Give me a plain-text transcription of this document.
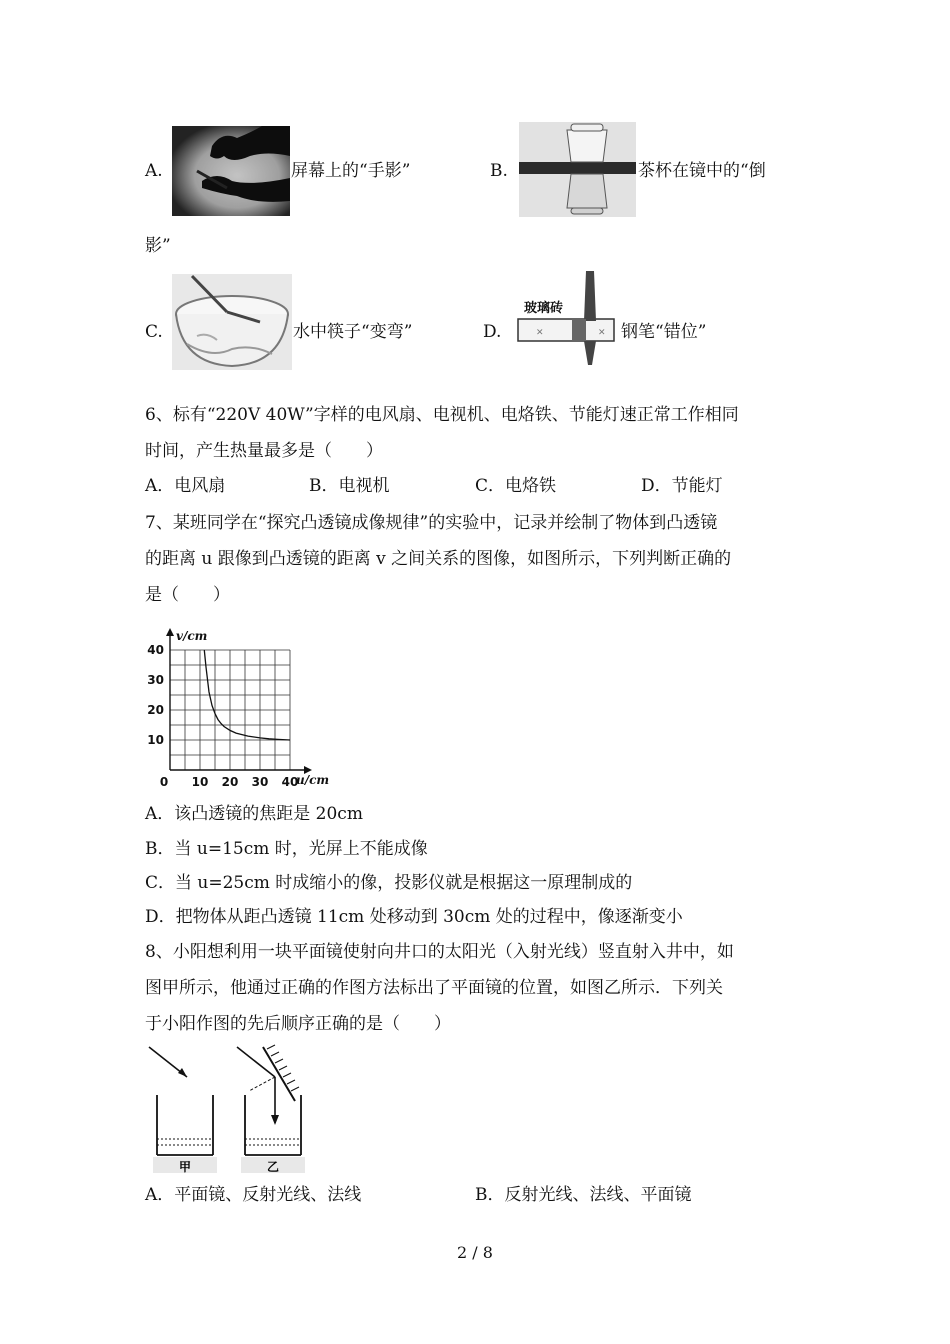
A.	屏幕上的“手影”	B.	茶杯在镜中的“倒
影”
C.	水中筷子“变弯”	D.
玻璃砖
✕	✕ 钢笔“错位”
6、标有“220V 40W”字样的电风扇、电视机、电烙铁、节能灯速正常工作相同
时间，产生热量最多是（　　）
A．电风扇	B．电视机	C．电烙铁	D．节能灯
7、某班同学在“探究凸透镜成像规律”的实验中，记录并绘制了物体到凸透镜
的距离 u 跟像到凸透镜的距离 v 之间关系的图像，如图所示，下列判断正确的
是（　　）
0 10 20 30 40
10
20
30
40
u/cm
v/cm
A．该凸透镜的焦距是 20cm
B．当 u=15cm 时，光屏上不能成像
C．当 u=25cm 时成缩小的像，投影仪就是根据这一原理制成的
D．把物体从距凸透镜 11cm 处移动到 30cm 处的过程中，像逐渐变小
8、小阳想利用一块平面镜使射向井口的太阳光（入射光线）竖直射入井中，如
图甲所示，他通过正确的作图方法标出了平面镜的位置，如图乙所示．下列关
于小阳作图的先后顺序正确的是（　　）
甲	乙
A．平面镜、反射光线、法线	B．反射光线、法线、平面镜
2 / 8
